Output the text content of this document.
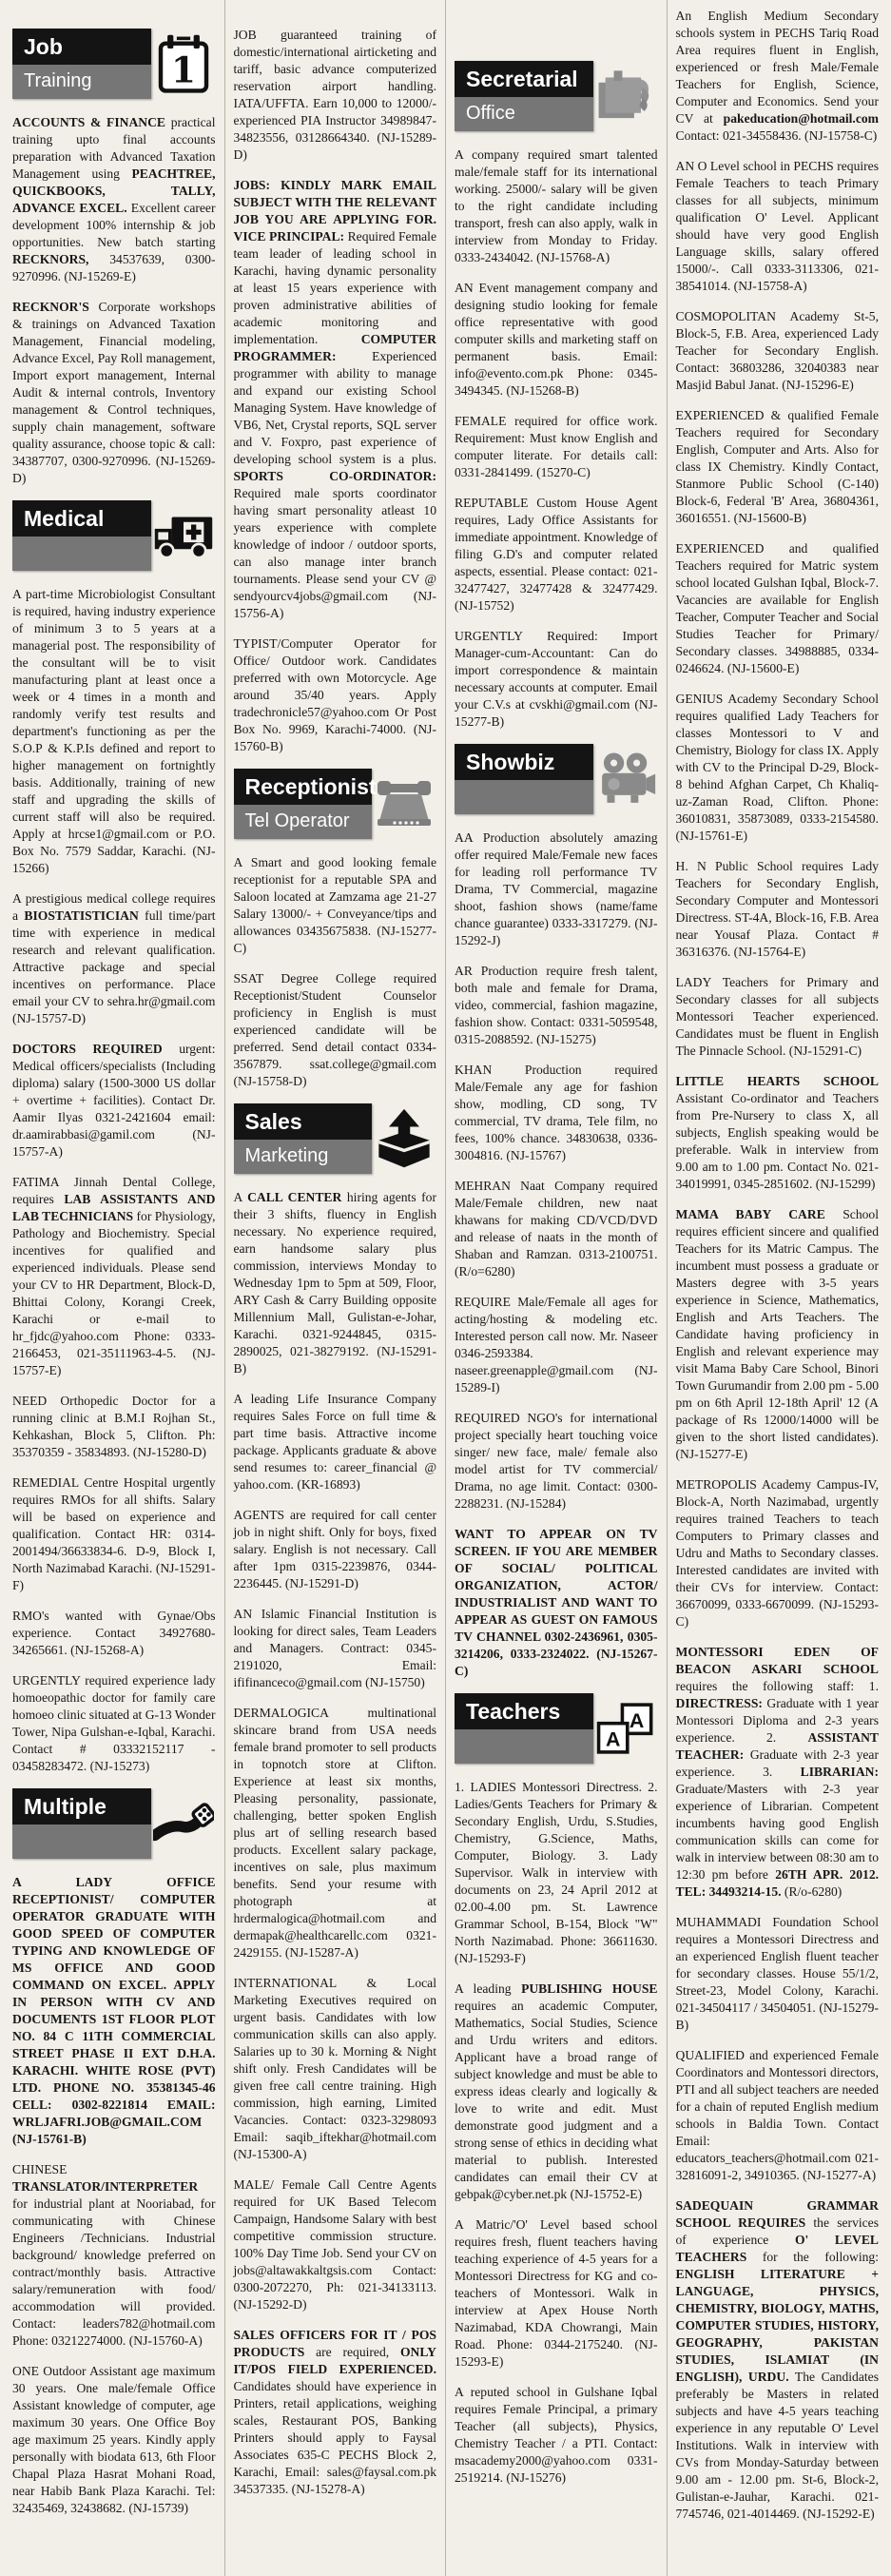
Job
Training	1
ACCOUNTS & FINANCE practical training upto final accounts preparation with Advanced Taxation Management using PEACHTREE, QUICKBOOKS, TALLY, ADVANCE EXCEL. Excellent career development 100% internship & job opportunities. New batch starting RECKNORS, 34537639, 0300-9270996. (NJ-15269-E)
RECKNOR'S Corporate workshops & trainings on Advanced Taxation Management, Financial modeling, Advance Excel, Pay Roll management, Import export management, Internal Audit & internal controls, Inventory management & Control techniques, supply chain management, software quality assurance, choose topic & call: 34387707, 0300-9270996. (NJ-15269-D)
Medical
A part-time Microbiologist Consultant is required, having industry experience of minimum 3 to 5 years at a managerial post. The responsibility of the consultant will be to visit manufacturing plant at least once a week or 4 times in a month and randomly verify test results and department's functioning as per the S.O.P & K.P.Is defined and report to higher management on fortnightly basis. Additionally, training of new staff and upgrading the skills of current staff will also be required. Apply at hrcse1@gmail.com or P.O. Box No. 7579 Saddar, Karachi. (NJ-15266)
A prestigious medical college requires a BIOSTATISTICIAN full time/part time with experience in medical research and relevant qualification. Attractive package and special incentives on performance. Place email your CV to sehra.hr@gmail.com (NJ-15757-D)
DOCTORS REQUIRED urgent: Medical officers/specialists (Including diploma) salary (1500-3000 US dollar + overtime + facilities). Contact Dr. Aamir Ilyas 0321-2421604 email: dr.aamirabbasi@gamil.com (NJ-15757-A)
FATIMA Jinnah Dental College, requires LAB ASSISTANTS AND LAB TECHNICIANS for Physiology, Pathology and Biochemistry. Special incentives for qualified and experienced individuals. Please send your CV to HR Department, Block-D, Bhittai Colony, Korangi Creek, Karachi or e-mail to hr_fjdc@yahoo.com Phone: 0333-2166453, 021-35111963-4-5. (NJ-15757-E)
NEED Orthopedic Doctor for a running clinic at B.M.I Rojhan St., Kehkashan, Block 5, Clifton. Ph: 35370359 - 35834893. (NJ-15280-D)
REMEDIAL Centre Hospital urgently requires RMOs for all shifts. Salary will be based on experience and qualification. Contact HR: 0314-2001494/36633834-6. D-9, Block I, North Nazimabad Karachi. (NJ-15291-F)
RMO's wanted with Gynae/Obs experience. Contact 34927680-34265661. (NJ-15268-A)
URGENTLY required experience lady homoeopathic doctor for family care homoeo clinic situated at G-13 Wonder Tower, Nipa Gulshan-e-Iqbal, Karachi. Contact # 03332152117 - 03458283472. (NJ-15273)
Multiple
A LADY OFFICE RECEPTIONIST/ COMPUTER OPERATOR GRADUATE WITH GOOD SPEED OF COMPUTER TYPING AND KNOWLEDGE OF MS OFFICE AND GOOD COMMAND ON EXCEL. APPLY IN PERSON WITH CV AND DOCUMENTS 1ST FLOOR PLOT NO. 84 C 11TH COMMERCIAL STREET PHASE II EXT D.H.A. KARACHI. WHITE ROSE (PVT) LTD. PHONE NO. 35381345-46 CELL: 0302-8221814 EMAIL: WRLJAFRI.JOB@GMAIL.COM (NJ-15761-B)
CHINESE TRANSLATOR/INTERPRETER for industrial plant at Nooriabad, for communicating with Chinese Engineers /Technicians. Industrial background/ knowledge preferred on contract/monthly basis. Attractive salary/remuneration with food/ accommodation will provided. Contact: leaders782@hotmail.com Phone: 03212274000. (NJ-15760-A)
ONE Outdoor Assistant age maximum 30 years. One male/female Office Assistant knowledge of computer, age maximum 30 years. One Office Boy age maximum 25 years. Kindly apply personally with biodata 613, 6th Floor Chapal Plaza Hasrat Mohani Road, near Habib Bank Plaza Karachi. Tel: 32435469, 32438682. (NJ-15739)
JOB guaranteed training of domestic/international airticketing and tariff, basic advance computerized reservation airport handling. IATA/UFFTA. Earn 10,000 to 12000/- experienced PIA Instructor 34989847-34823556, 03128664340. (NJ-15289-D)
JOBS: KINDLY MARK EMAIL SUBJECT WITH THE RELEVANT JOB YOU ARE APPLYING FOR. VICE PRINCIPAL: Required Female team leader of leading school in Karachi, having dynamic personality at least 15 years experience with proven administrative abilities of academic monitoring and implementation. COMPUTER PROGRAMMER: Experienced programmer with ability to manage and expand our existing School Managing System. Have knowledge of VB6, Net, Crystal reports, SQL server and V. Foxpro, past experience of developing school system is a plus. SPORTS CO-ORDINATOR: Required male sports coordinator having smart personality atleast 10 years experience with complete knowledge of indoor / outdoor sports, can also manage inter branch tournaments. Please send your CV @ sendyourcv4jobs@gmail.com (NJ-15756-A)
TYPIST/Computer Operator for Office/ Outdoor work. Candidates preferred with own Motorcycle. Age around 35/40 years. Apply tradechronicle57@yahoo.com Or Post Box No. 9969, Karachi-74000. (NJ-15760-B)
Receptionist
Tel Operator
A Smart and good looking female receptionist for a reputable SPA and Saloon located at Zamzama age 21-27 Salary 13000/- + Conveyance/tips and allowances 03435675838. (NJ-15277-C)
SSAT Degree College required Receptionist/Student Counselor proficiency in English is must experienced candidate will be preferred. Send detail contact 0334-3567879. ssat.college@gmail.com (NJ-15758-D)
Sales
Marketing
A CALL CENTER hiring agents for their 3 shifts, fluency in English necessary. No experience required, earn handsome salary plus commission, interviews Monday to Wednesday 1pm to 5pm at 509, Floor, ARY Cash & Carry Building opposite Millennium Mall, Gulistan-e-Johar, Karachi. 0321-9244845, 0315-2890025, 021-38279192. (NJ-15291-B)
A leading Life Insurance Company requires Sales Force on full time & part time basis. Attractive income package. Applicants graduate & above send resumes to: career_financial @ yahoo.com. (KR-16893)
AGENTS are required for call center job in night shift. Only for boys, fixed salary. English is not necessary. Call after 1pm 0315-2239876, 0344-2236445. (NJ-15291-D)
AN Islamic Financial Institution is looking for direct sales, Team Leaders and Managers. Contract: 0345-2191020, Email: ififinanceco@gmail.com (NJ-15750)
DERMALOGICA multinational skincare brand from USA needs female brand promoter to sell products in topnotch store at Clifton. Experience at least six months, Pleasing personality, passionate, challenging, better spoken English plus art of selling research based products. Excellent salary package, incentives on sale, plus maximum benefits. Send your resume with photograph at hrdermalogica@hotmail.com and dermapak@healthcarellc.com 0321-2429155. (NJ-15287-A)
INTERNATIONAL & Local Marketing Executives required on urgent basis. Candidates with low communication skills can also apply. Salaries up to 30 k. Morning & Night shift only. Fresh Candidates will be given free call centre training. High commission, high earning, Limited Vacancies. Contact: 0323-3298093 Email: saqib_iftekhar@hotmail.com (NJ-15300-A)
MALE/ Female Call Centre Agents required for UK Based Telecom Campaign, Handsome Salary with best competitive commission structure. 100% Day Time Job. Send your CV on jobs@altawakkaltgsis.com Contact: 0300-2072270, Ph: 021-34133113. (NJ-15292-D)
SALES OFFICERS FOR IT / POS PRODUCTS are required, ONLY IT/POS FIELD EXPERIENCED. Candidates should have experience in Printers, retail applications, weighing scales, Restaurant POS, Banking Printers should apply to Faysal Associates 635-C PECHS Block 2, Karachi, Email: sales@faysal.com.pk 34537335. (NJ-15278-A)
Secretarial
Office
A company required smart talented male/female staff for its international working. 25000/- salary will be given to the right candidate including transport, fresh can also apply, walk in interview from Monday to Friday. 0333-2434042. (NJ-15768-A)
AN Event management company and designing studio looking for female office representative with good computer skills and marketing staff on permanent basis. Email: info@evento.com.pk Phone: 0345-3494345. (NJ-15268-B)
FEMALE required for office work. Requirement: Must know English and computer literate. For details call: 0331-2841499. (15270-C)
REPUTABLE Custom House Agent requires, Lady Office Assistants for immediate appointment. Knowledge of filing G.D's and computer related aspects, essential. Please contact: 021-32477427, 32477428 & 32477429. (NJ-15752)
URGENTLY Required: Import Manager-cum-Accountant: Can do import correspondence & maintain necessary accounts at computer. Email your C.V.s at cvskhi@gmail.com (NJ-15277-B)
Showbiz
AA Production absolutely amazing offer required Male/Female new faces for leading roll performance TV Drama, TV Commercial, magazine shoot, fashion shows (name/fame chance guarantee) 0333-3317279. (NJ-15292-J)
AR Production require fresh talent, both male and female for Drama, video, commercial, fashion magazine, fashion show. Contact: 0331-5059548, 0315-2088592. (NJ-15275)
KHAN Production required Male/Female any age for fashion show, modling, CD song, TV commercial, TV drama, Tele film, no fees, 100% chance. 34830638, 0336-3004816. (NJ-15767)
MEHRAN Naat Company required Male/Female children, new naat khawans for making CD/VCD/DVD and release of naats in the month of Shaban and Ramzan. 0313-2100751. (R/o=6280)
REQUIRE Male/Female all ages for acting/hosting & modeling etc. Interested person call now. Mr. Naseer 0346-2593384. naseer.greenapple@gmail.com (NJ-15289-I)
REQUIRED NGO's for international project specially heart touching voice singer/ new face, male/ female also model artist for TV commercial/ Drama, no age limit. Contact: 0300-2288231. (NJ-15284)
WANT TO APPEAR ON TV SCREEN. IF YOU ARE MEMBER OF SOCIAL/ POLITICAL ORGANIZATION, ACTOR/ INDUSTRIALIST AND WANT TO APPEAR AS GUEST ON FAMOUS TV CHANNEL 0302-2436961, 0305-3214206, 0333-2324022. (NJ-15267-C)
Teachers	A
A
1. LADIES Montessori Directress. 2. Ladies/Gents Teachers for Primary & Secondary English, Urdu, S.Studies, Chemistry, G.Science, Maths, Computer, Biology. 3. Lady Supervisor. Walk in interview with documents on 23, 24 April 2012 at 02.00-4.00 pm. St. Lawrence Grammar School, B-154, Block "W" North Nazimabad. Phone: 36611630. (NJ-15293-F)
A leading PUBLISHING HOUSE requires an academic Computer, Mathematics, Social Studies, Science and Urdu writers and editors. Applicant have a broad range of subject knowledge and must be able to express ideas clearly and logically & love to write and edit. Must demonstrate good judgment and a strong sense of ethics in deciding what material to publish. Interested candidates can email their CV at gebpak@cyber.net.pk (NJ-15752-E)
A Matric/'O' Level based school requires fresh, fluent teachers having teaching experience of 4-5 years for a Montessori Directress for KG and co-teachers of Montessori. Walk in interview at Apex House North Nazimabad, KDA Chowrangi, Main Road. Phone: 0344-2175240. (NJ-15293-E)
A reputed school in Gulshane Iqbal requires Female Principal, a primary Teacher (all subjects), Physics, Chemistry Teacher / a PTI. Contact: msacademy2000@yahoo.com 0331-2519214. (NJ-15276)
An English Medium Secondary schools system in PECHS Tariq Road Area requires fluent in English, experienced or fresh Male/Female Teachers for English, Science, Computer and Economics. Send your CV at pakeducation@hotmail.com Contact: 021-34558436. (NJ-15758-C)
AN O Level school in PECHS requires Female Teachers to teach Primary classes for all subjects, minimum qualification O' Level. Applicant should have very good English Language skills, salary offered 15000/-. Call 0333-3113306, 021-38541014. (NJ-15758-A)
COSMOPOLITAN Academy St-5, Block-5, F.B. Area, experienced Lady Teacher for Secondary English. Contact: 36803286, 32040383 near Masjid Babul Janat. (NJ-15296-E)
EXPERIENCED & qualified Female Teachers required for Secondary English, Computer and Arts. Also for class IX Chemistry. Kindly Contact, Stanmore Public School (C-140) Block-6, Federal 'B' Area, 36804361, 36016551. (NJ-15600-B)
EXPERIENCED and qualified Teachers required for Matric system school located Gulshan Iqbal, Block-7. Vacancies are available for English Teacher, Computer Teacher and Social Studies Teacher for Primary/ Secondary classes. 34988885, 0334-0246624. (NJ-15600-E)
GENIUS Academy Secondary School requires qualified Lady Teachers for classes Montessori to V and Chemistry, Biology for class IX. Apply with CV to the Principal D-29, Block-8 behind Afghan Carpet, Ch Khaliq-uz-Zaman Road, Clifton. Phone: 36010831, 35873089, 0333-2154580. (NJ-15761-E)
H. N Public School requires Lady Teachers for Secondary English, Secondary Computer and Montessori Directress. ST-4A, Block-16, F.B. Area near Yousaf Plaza. Contact # 36316376. (NJ-15764-E)
LADY Teachers for Primary and Secondary classes for all subjects Montessori Teacher experienced. Candidates must be fluent in English The Pinnacle School. (NJ-15291-C)
LITTLE HEARTS SCHOOL Assistant Co-ordinator and Teachers from Pre-Nursery to class X, all subjects, English speaking would be preferable. Walk in interview from 9.00 am to 1.00 pm. Contact No. 021-34019991, 0345-2851602. (NJ-15299)
MAMA BABY CARE School requires efficient sincere and qualified Teachers for its Matric Campus. The incumbent must possess a graduate or Masters degree with 3-5 years experience in Science, Mathematics, English and Arts Teachers. The Candidate having proficiency in English and relevant experience may visit Mama Baby Care School, Binori Town Gurumandir from 2.00 pm - 5.00 pm on 6th April 12-18th April' 12 (A package of Rs 12000/14000 will be given to the short listed candidates). (NJ-15277-E)
METROPOLIS Academy Campus-IV, Block-A, North Nazimabad, urgently requires trained Teachers to teach Computers to Primary classes and Udru and Maths to Secondary classes. Interested candidates are invited with their CVs for interview. Contact: 36670099, 0333-6670099. (NJ-15293-C)
MONTESSORI EDEN OF BEACON ASKARI SCHOOL requires the following staff: 1. DIRECTRESS: Graduate with 1 year Montessori Diploma and 2-3 years experience. 2. ASSISTANT TEACHER: Graduate with 2-3 year experience. 3. LIBRARIAN: Graduate/Masters with 2-3 year experience of Librarian. Competent incumbents having good English communication skills can come for walk in interview between 08:30 am to 12:30 pm before 26TH APR. 2012. TEL: 34493214-15. (R/o-6280)
MUHAMMADI Foundation School requires a Montessori Directress and an experienced English fluent teacher for secondary classes. House 55/1/2, Street-23, Model Colony, Karachi. 021-34504117 / 34504051. (NJ-15279-B)
QUALIFIED and experienced Female Coordinators and Montessori directors, PTI and all subject teachers are needed for a chain of reputed English medium schools in Baldia Town. Contact Email: educators_teachers@hotmail.com 021-32816091-2, 34910365. (NJ-15277-A)
SADEQUAIN GRAMMAR SCHOOL REQUIRES the services of experience O' LEVEL TEACHERS for the following: ENGLISH LITERATURE + LANGUAGE, PHYSICS, CHEMISTRY, BIOLOGY, MATHS, COMPUTER STUDIES, HISTORY, GEOGRAPHY, PAKISTAN STUDIES, ISLAMIAT (IN ENGLISH), URDU. The Candidates preferably be Masters in related subjects and have 4-5 years teaching experience in any reputable O' Level Institutions. Walk in interview with CVs from Monday-Saturday between 9.00 am - 12.00 pm. St-6, Block-2, Gulistan-e-Jauhar, Karachi. 021-7745746, 021-4014469. (NJ-15292-E)
